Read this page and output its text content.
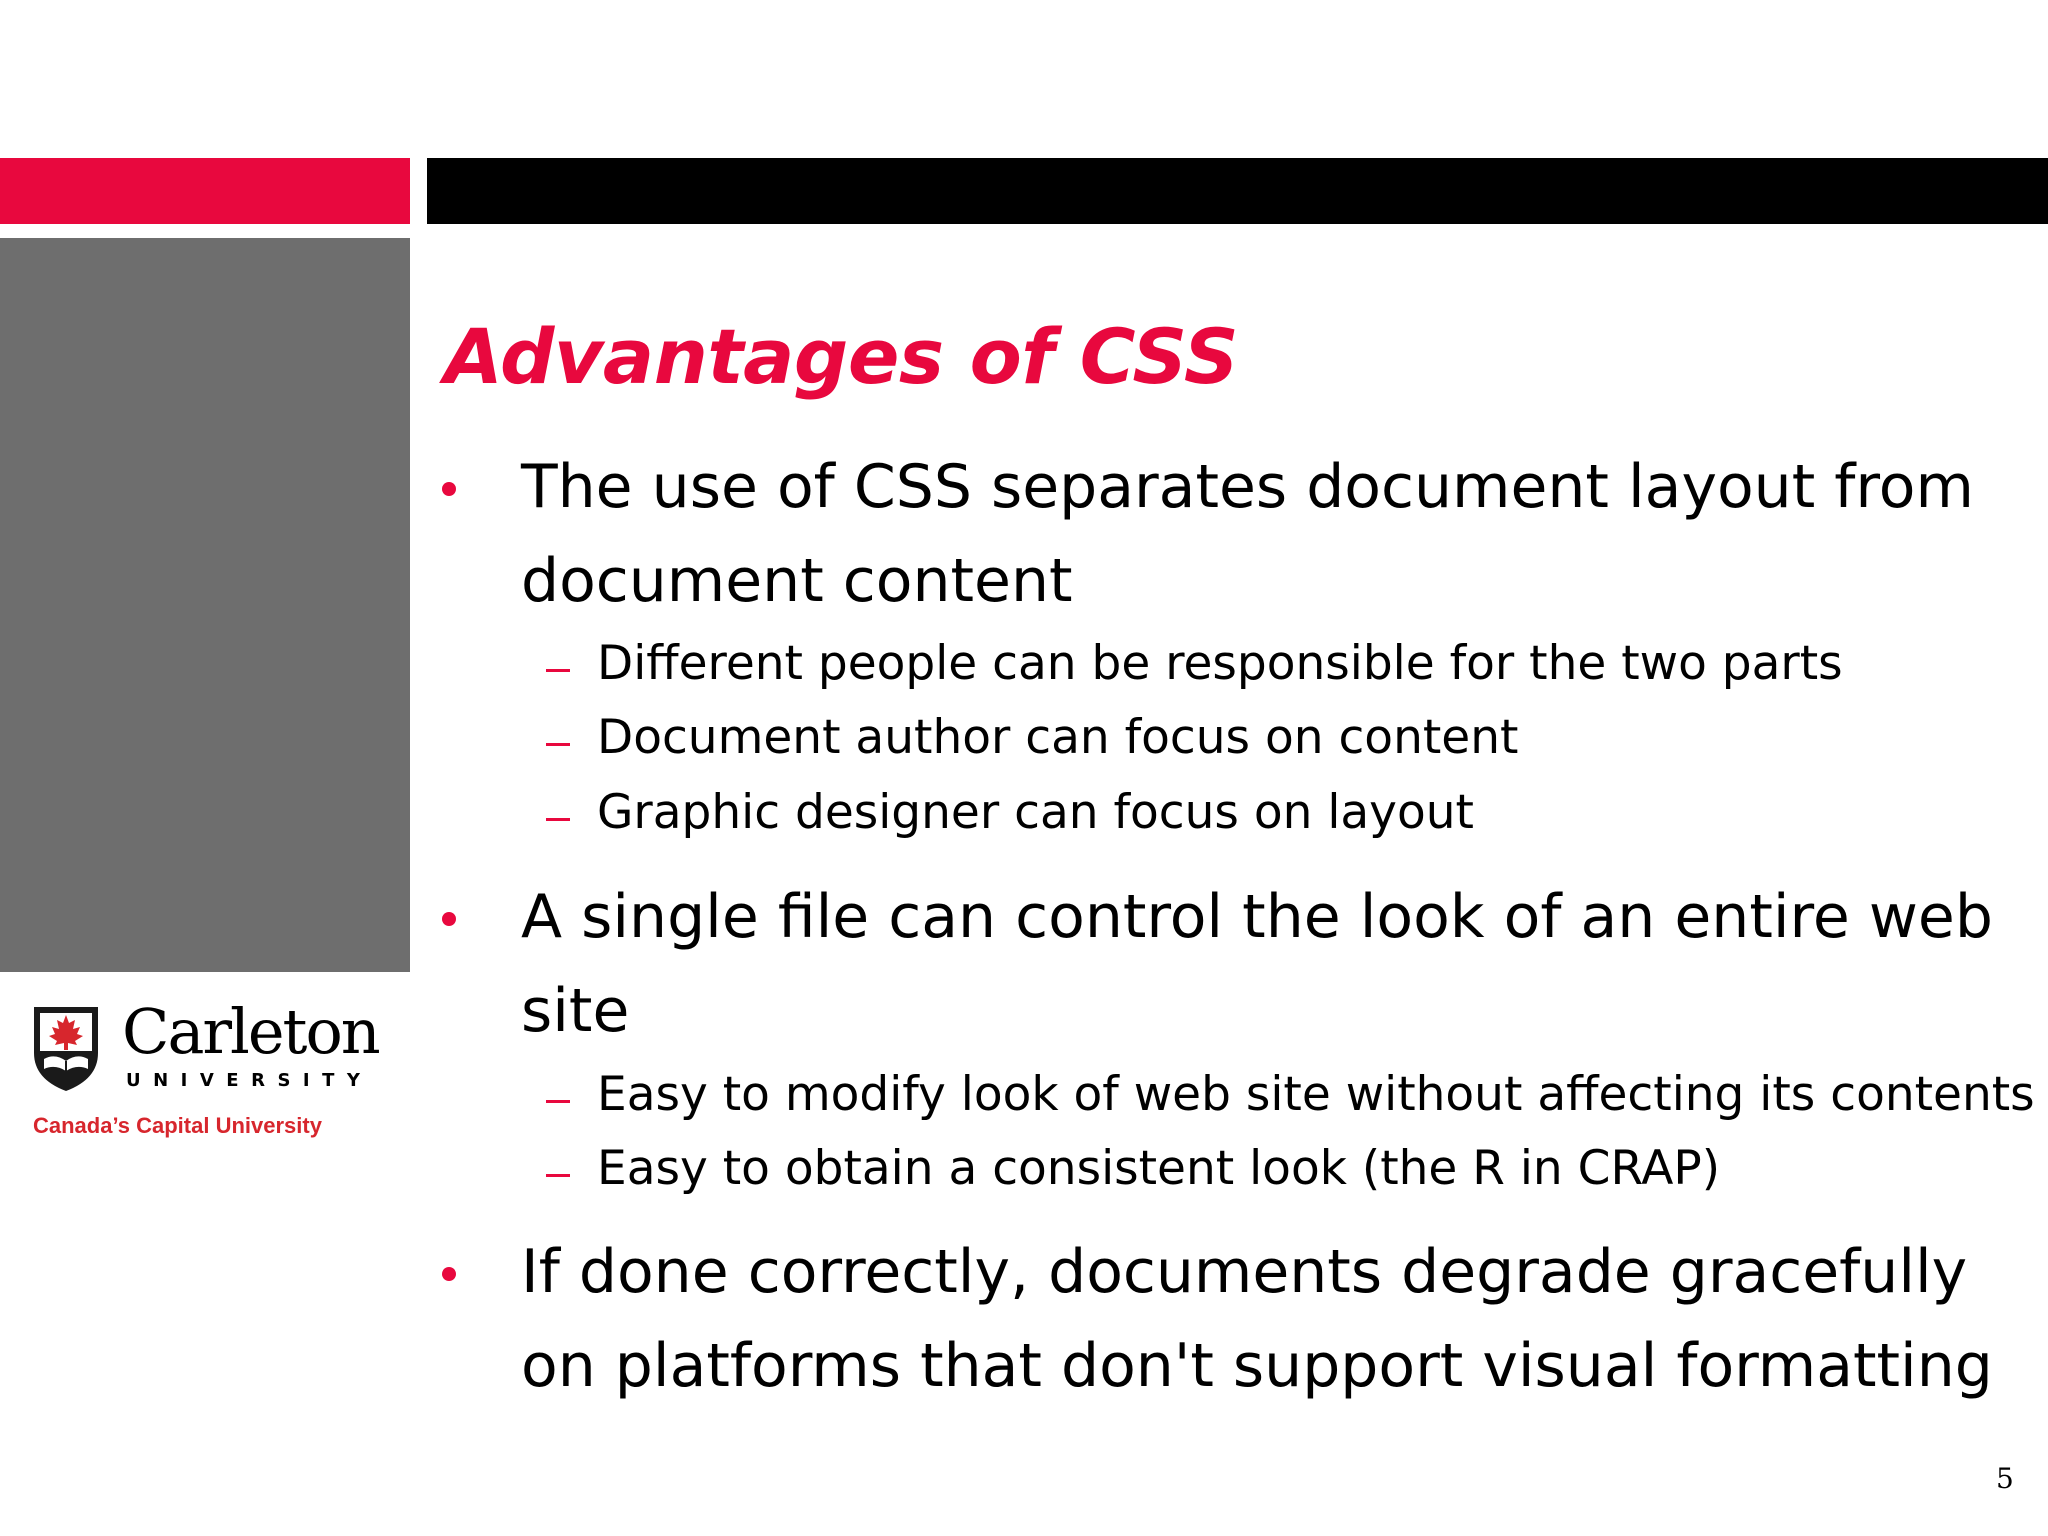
Carleton
UNIVERSITY
Canada’s Capital University
Advantages of CSS
The use of CSS separates document layout from
document content
Different people can be responsible for the two parts
Document author can focus on content
Graphic designer can focus on layout
A single file can control the look of an entire web
site
Easy to modify look of web site without affecting its contents
Easy to obtain a consistent look (the R in CRAP)
If done correctly, documents degrade gracefully
on platforms that don't support visual formatting
5
